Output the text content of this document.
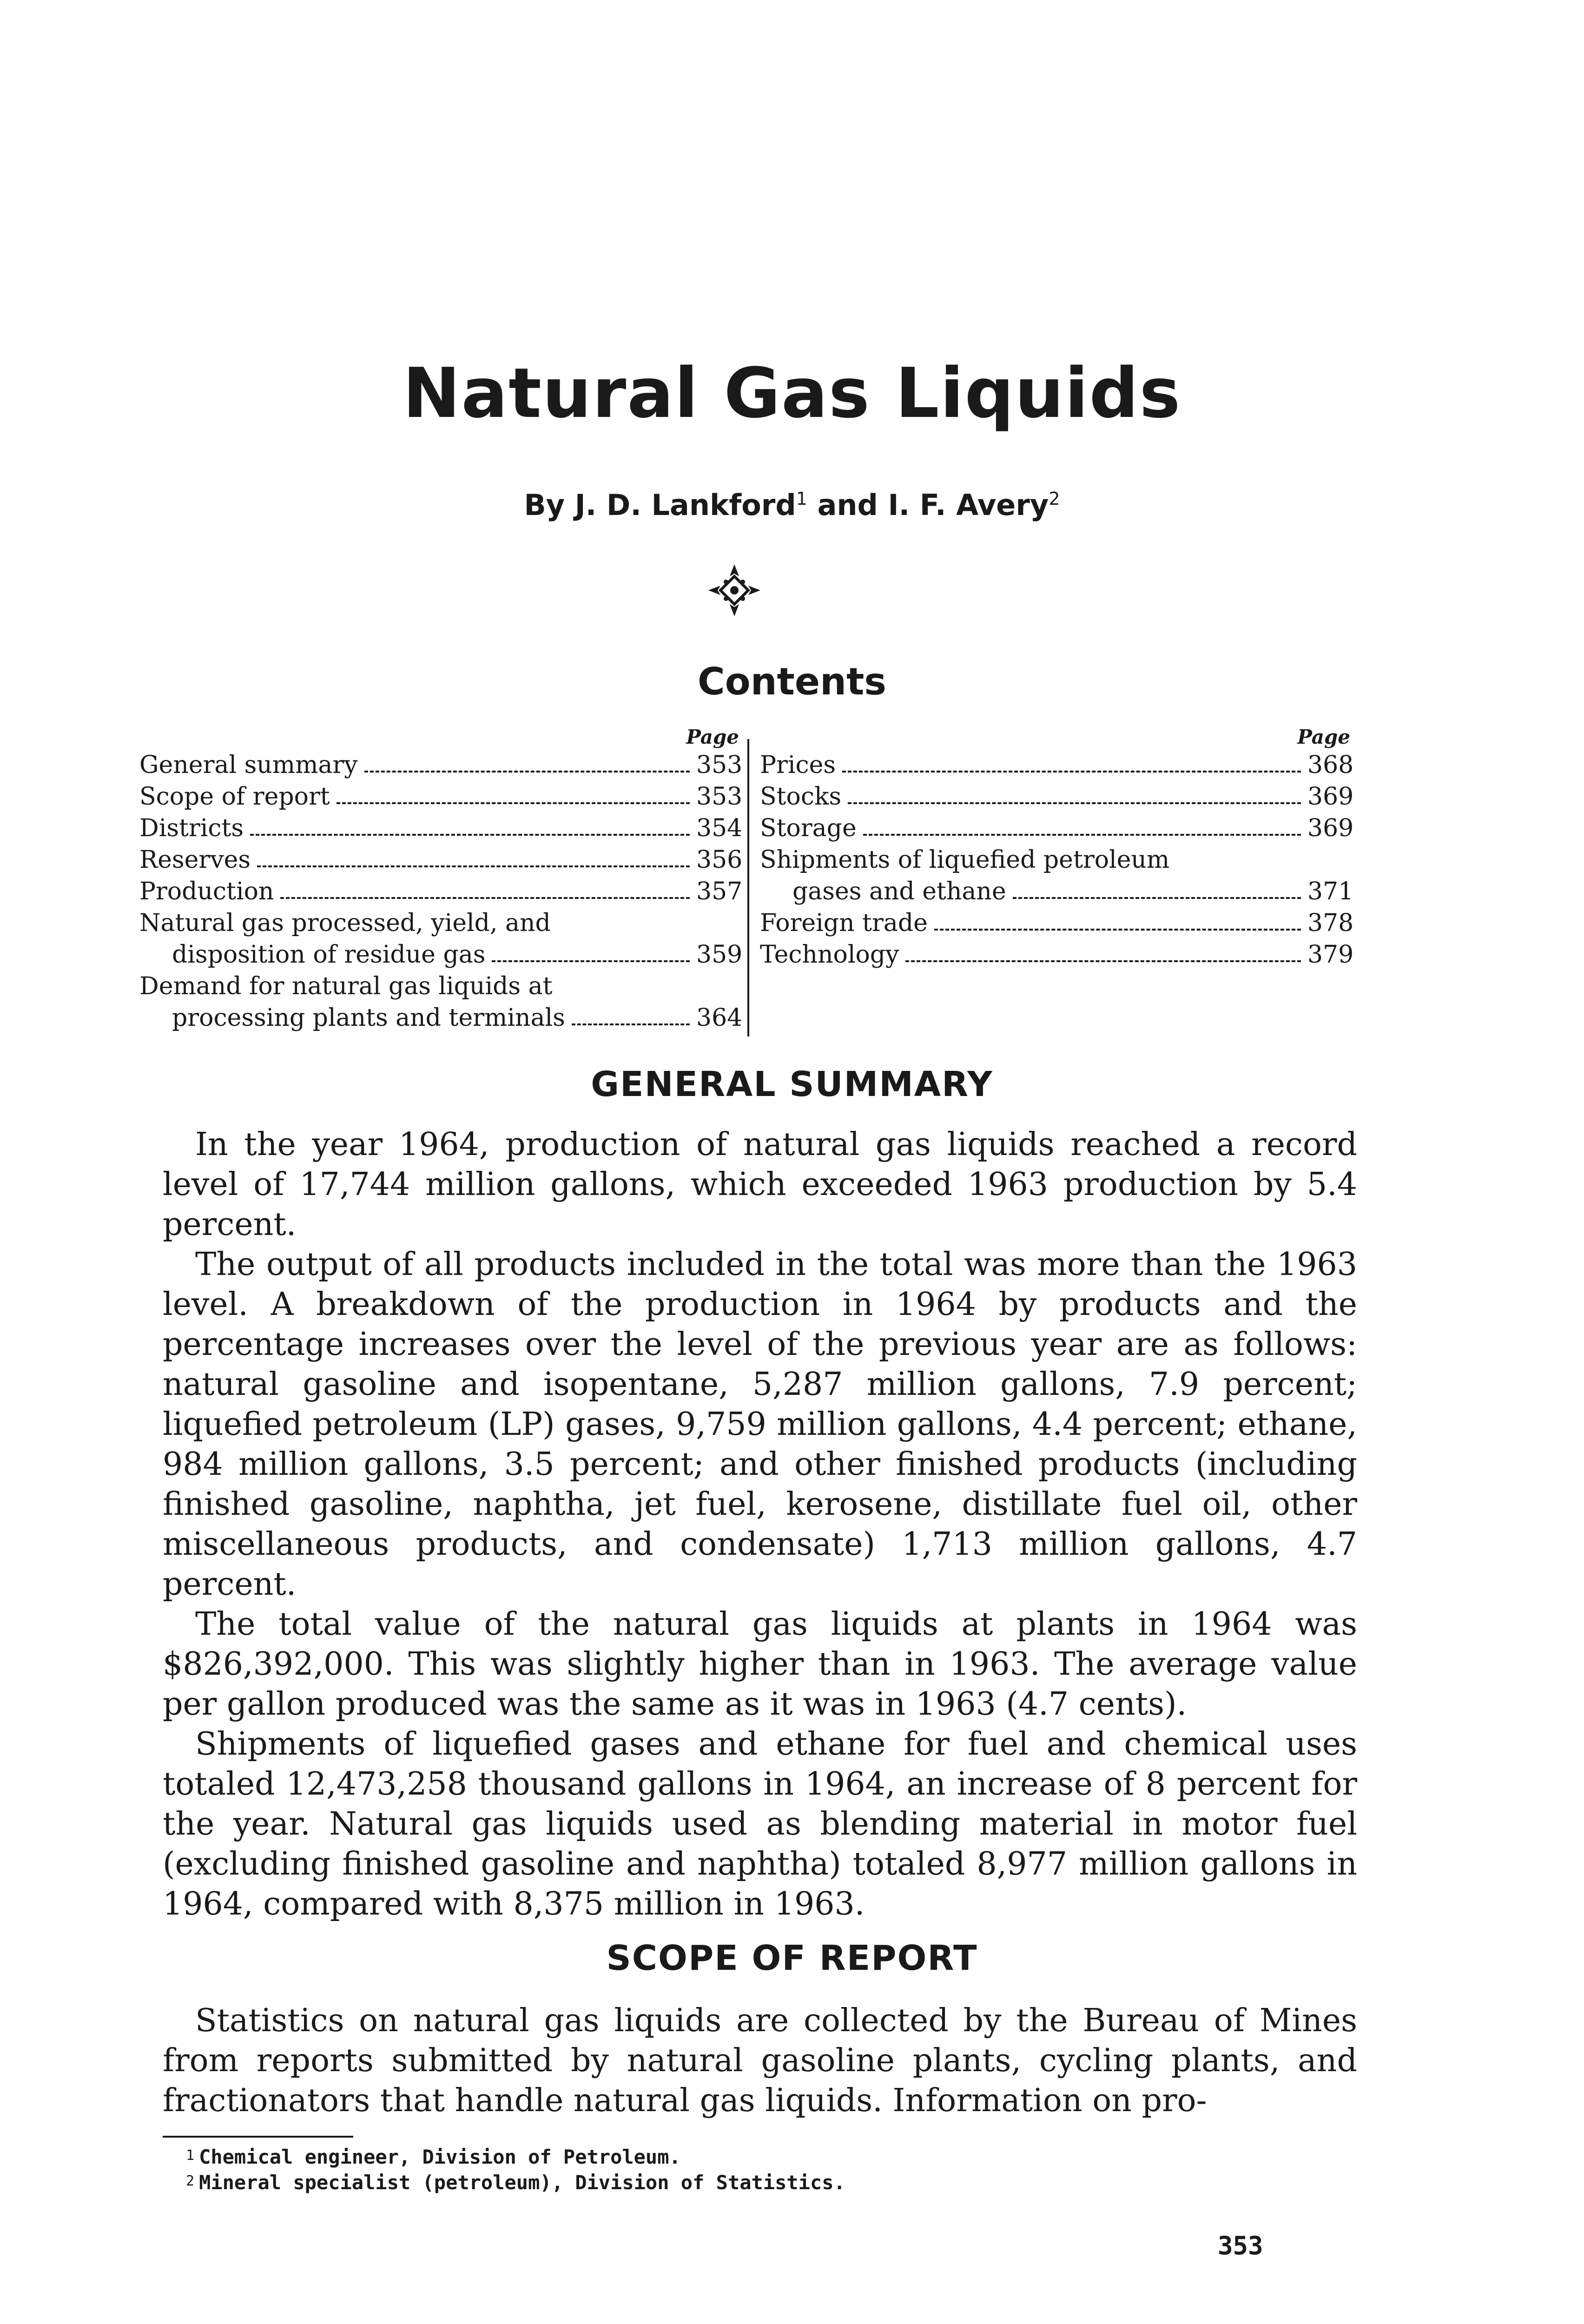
Natural Gas Liquids
By J. D. Lankford$^1$ and I. F. Avery$^2$
Contents
Page
General summary	353
Scope of report	353
Districts	354
Reserves	356
Production	357
Natural gas processed, yield, and
disposition of residue gas	359
Demand for natural gas liquids at
processing plants and terminals	364
Page
Prices	368
Stocks	369
Storage	369
Shipments of liquefied petroleum
gases and ethane	371
Foreign trade	378
Technology	379
GENERAL SUMMARY

In the year 1964, production of natural gas liquids reached a record level of 17,744 million gallons, which exceeded 1963 production by 5.4 percent.

The output of all products included in the total was more than the 1963 level. A breakdown of the production in 1964 by products and the percentage increases over the level of the previous year are as follows: natural gasoline and isopentane, 5,287 million gallons, 7.9 percent; liquefied petroleum (LP) gases, 9,759 million gallons, 4.4 percent; ethane, 984 million gallons, 3.5 percent; and other finished products (including finished gasoline, naphtha, jet fuel, kerosene, distillate fuel oil, other miscellaneous products, and condensate) 1,713 million gallons, 4.7 percent.

The total value of the natural gas liquids at plants in 1964 was $826,392,000. This was slightly higher than in 1963. The average value per gallon produced was the same as it was in 1963 (4.7 cents).

Shipments of liquefied gases and ethane for fuel and chemical uses totaled 12,473,258 thousand gallons in 1964, an increase of 8 percent for the year. Natural gas liquids used as blending material in motor fuel (excluding finished gasoline and naphtha) totaled 8,977 million gallons in 1964, compared with 8,375 million in 1963.

SCOPE OF REPORT

Statistics on natural gas liquids are collected by the Bureau of Mines from reports submitted by natural gasoline plants, cycling plants, and fractionators that handle natural gas liquids. Information on pro-

$^1$ Chemical engineer, Division of Petroleum.
$^2$ Mineral specialist (petroleum), Division of Statistics.
353
